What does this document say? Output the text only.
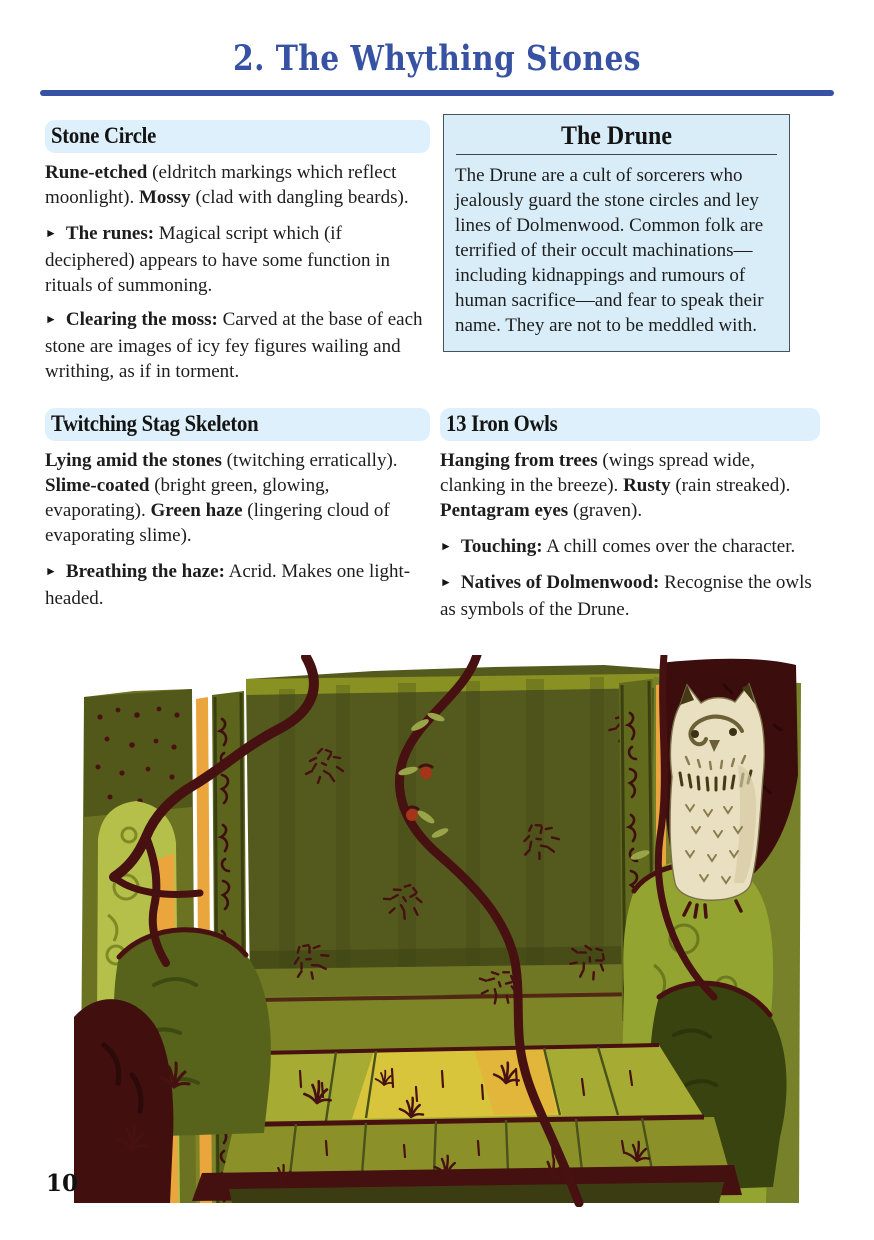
2. The Whything Stones
Stone Circle

Rune-etched (eldritch markings which reflect moonlight). Mossy (clad with dangling beards).

► The runes: Magical script which (if deciphered) appears to have some function in rituals of summoning.

► Clearing the moss: Carved at the base of each stone are images of icy fey figures wailing and writhing, as if in torment.

The Drune

The Drune are a cult of sorcerers who jealously guard the stone circles and ley lines of Dolmenwood. Common folk are terrified of their occult machinations—including kidnappings and rumours of human sacrifice—and fear to speak their name. They are not to be meddled with.

Twitching Stag Skeleton

Lying amid the stones (twitching erratically). Slime-coated (bright green, glowing, evaporating). Green haze (lingering cloud of evaporating slime).

► Breathing the haze: Acrid. Makes one light-headed.

13 Iron Owls

Hanging from trees (wings spread wide, clanking in the breeze). Rusty (rain streaked). Pentagram eyes (graven).

► Touching: A chill comes over the character.

► Natives of Dolmenwood: Recognise the owls as symbols of the Drune.

10
